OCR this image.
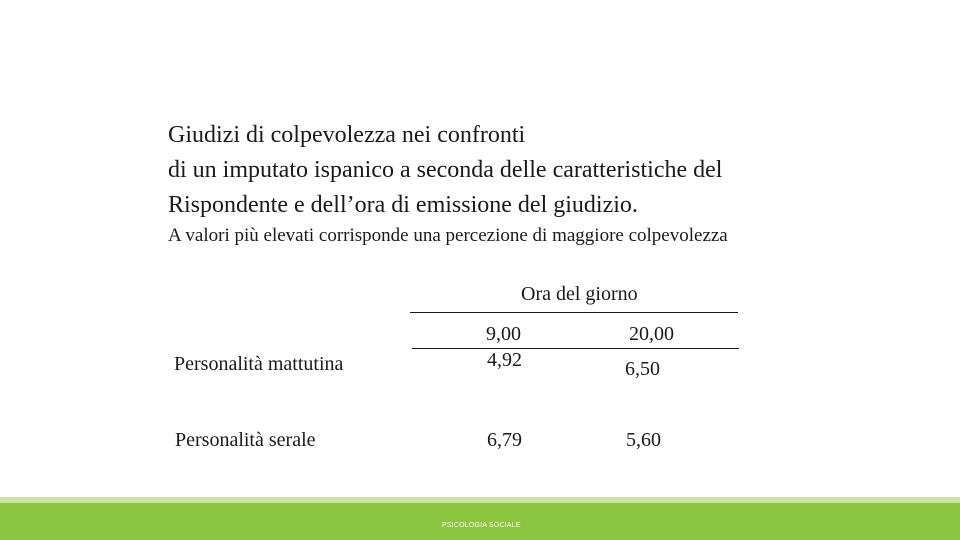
Giudizi di colpevolezza nei confronti
di un imputato ispanico a seconda delle caratteristiche del
Rispondente e dell’ora di emissione del giudizio.
A valori più elevati corrisponde una percezione di maggiore colpevolezza
Ora del giorno
9,00	20,00
Personalità mattutina	4,92	6,50
Personalità serale	6,79	5,60
PSICOLOGIA SOCIALE
